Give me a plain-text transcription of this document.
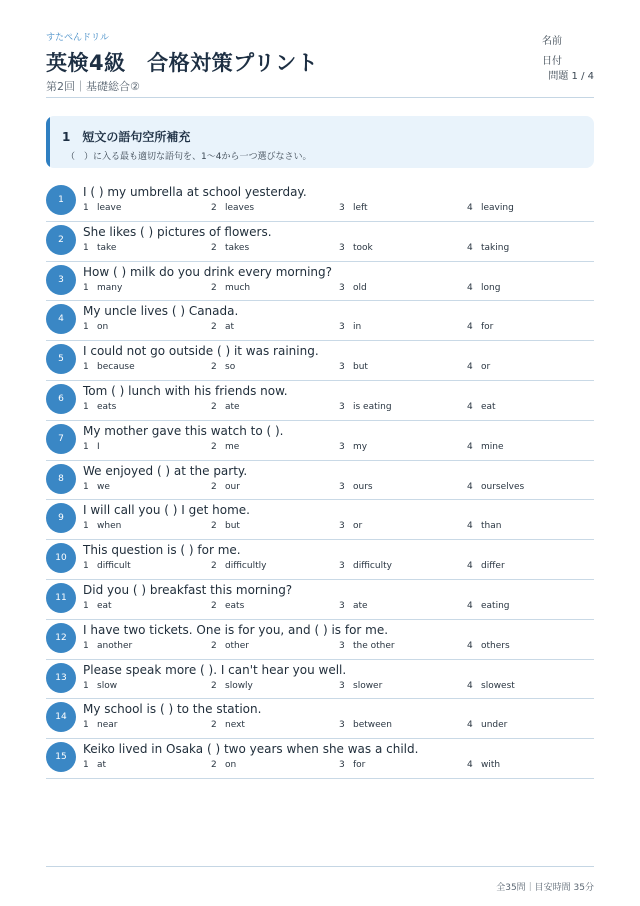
すたぺんドリル
英検4級　合格対策プリント
第2回｜基礎総合②
名前
日付
問題 1 / 4
1 短文の語句空所補充
（　）に入る最も適切な語句を、1〜4から一つ選びなさい。
1
I ( ) my umbrella at school yesterday.
1 leave	2 leaves	3 left	4 leaving
2
She likes ( ) pictures of flowers.
1 take	2 takes	3 took	4 taking
3
How ( ) milk do you drink every morning?
1 many	2 much	3 old	4 long
4
My uncle lives ( ) Canada.
1 on	2 at	3 in	4 for
5
I could not go outside ( ) it was raining.
1 because	2 so	3 but	4 or
6
Tom ( ) lunch with his friends now.
1 eats	2 ate	3 is eating	4 eat
7
My mother gave this watch to ( ).
1 I	2 me	3 my	4 mine
8
We enjoyed ( ) at the party.
1 we	2 our	3 ours	4 ourselves
9
I will call you ( ) I get home.
1 when	2 but	3 or	4 than
10
This question is ( ) for me.
1 difficult	2 difficultly	3 difficulty	4 differ
11
Did you ( ) breakfast this morning?
1 eat	2 eats	3 ate	4 eating
12
I have two tickets. One is for you, and ( ) is for me.
1 another	2 other	3 the other	4 others
13
Please speak more ( ). I can't hear you well.
1 slow	2 slowly	3 slower	4 slowest
14
My school is ( ) to the station.
1 near	2 next	3 between	4 under
15
Keiko lived in Osaka ( ) two years when she was a child.
1 at	2 on	3 for	4 with
全35問｜目安時間 35分
